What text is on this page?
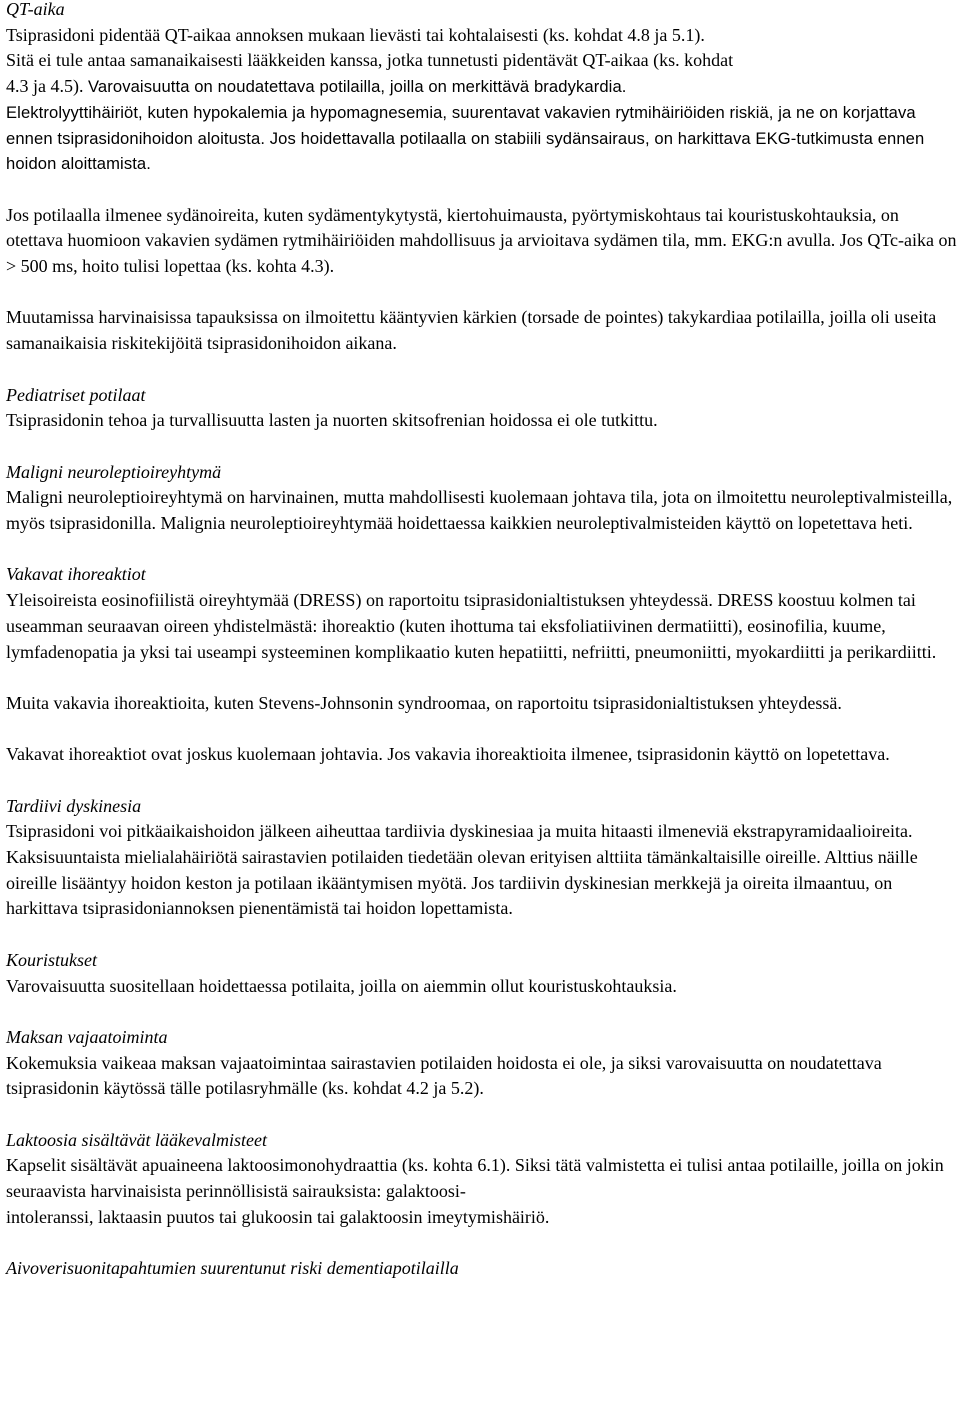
QT-aika

Tsiprasidoni pidentää QT-aikaa annoksen mukaan lievästi tai kohtalaisesti (ks. kohdat 4.8 ja 5.1).

Sitä ei tule antaa samanaikaisesti lääkkeiden kanssa, jotka tunnetusti pidentävät QT-aikaa (ks. kohdat
4.3 ja 4.5). Varovaisuutta on noudatettava potilailla, joilla on merkittävä bradykardia.

Elektrolyyttihäiriöt, kuten hypokalemia ja hypomagnesemia, suurentavat vakavien rytmihäiriöiden riskiä, ja ne on korjattava ennen tsiprasidonihoidon aloitusta. Jos hoidettavalla potilaalla on stabiili sydänsairaus, on harkittava EKG-tutkimusta ennen hoidon aloittamista.

Jos potilaalla ilmenee sydänoireita, kuten sydämentykytystä, kiertohuimausta, pyörtymiskohtaus tai kouristuskohtauksia, on otettava huomioon vakavien sydämen rytmihäiriöiden mahdollisuus ja arvioitava sydämen tila, mm. EKG:n avulla. Jos QTc-aika on > 500 ms, hoito tulisi lopettaa (ks. kohta 4.3).

Muutamissa harvinaisissa tapauksissa on ilmoitettu kääntyvien kärkien (torsade de pointes) takykardiaa potilailla, joilla oli useita samanaikaisia riskitekijöitä tsiprasidonihoidon aikana.

Pediatriset potilaat

Tsiprasidonin tehoa ja turvallisuutta lasten ja nuorten skitsofrenian hoidossa ei ole tutkittu.

Maligni neuroleptioireyhtymä

Maligni neuroleptioireyhtymä on harvinainen, mutta mahdollisesti kuolemaan johtava tila, jota on ilmoitettu neuroleptivalmisteilla, myös tsiprasidonilla. Malignia neuroleptioireyhtymää hoidettaessa kaikkien neuroleptivalmisteiden käyttö on lopetettava heti.

Vakavat ihoreaktiot

Yleisoireista eosinofiilistä oireyhtymää (DRESS) on raportoitu tsiprasidonialtistuksen yhteydessä. DRESS koostuu kolmen tai useamman seuraavan oireen yhdistelmästä: ihoreaktio (kuten ihottuma tai eksfoliatiivinen dermatiitti), eosinofilia, kuume, lymfadenopatia ja yksi tai useampi systeeminen komplikaatio kuten hepatiitti, nefriitti, pneumoniitti, myokardiitti ja perikardiitti.

Muita vakavia ihoreaktioita, kuten Stevens-Johnsonin syndroomaa, on raportoitu tsiprasidonialtistuksen yhteydessä.

Vakavat ihoreaktiot ovat joskus kuolemaan johtavia. Jos vakavia ihoreaktioita ilmenee, tsiprasidonin käyttö on lopetettava.

Tardiivi dyskinesia

Tsiprasidoni voi pitkäaikaishoidon jälkeen aiheuttaa tardiivia dyskinesiaa ja muita hitaasti ilmeneviä ekstrapyramidaalioireita. Kaksisuuntaista mielialahäiriötä sairastavien potilaiden tiedetään olevan erityisen alttiita tämänkaltaisille oireille. Alttius näille oireille lisääntyy hoidon keston ja potilaan ikääntymisen myötä. Jos tardiivin dyskinesian merkkejä ja oireita ilmaantuu, on harkittava tsiprasidoniannoksen pienentämistä tai hoidon lopettamista.

Kouristukset

Varovaisuutta suositellaan hoidettaessa potilaita, joilla on aiemmin ollut kouristuskohtauksia.

Maksan vajaatoiminta

Kokemuksia vaikeaa maksan vajaatoimintaa sairastavien potilaiden hoidosta ei ole, ja siksi varovaisuutta on noudatettava tsiprasidonin käytössä tälle potilasryhmälle (ks. kohdat 4.2 ja 5.2).

Laktoosia sisältävät lääkevalmisteet

Kapselit sisältävät apuaineena laktoosimonohydraattia (ks. kohta 6.1). Siksi tätä valmistetta ei tulisi antaa potilaille, joilla on jokin seuraavista harvinaisista perinnöllisistä sairauksista: galaktoosi-
intoleranssi, laktaasin puutos tai glukoosin tai galaktoosin imeytymishäiriö.

Aivoverisuonitapahtumien suurentunut riski dementiapotilailla
